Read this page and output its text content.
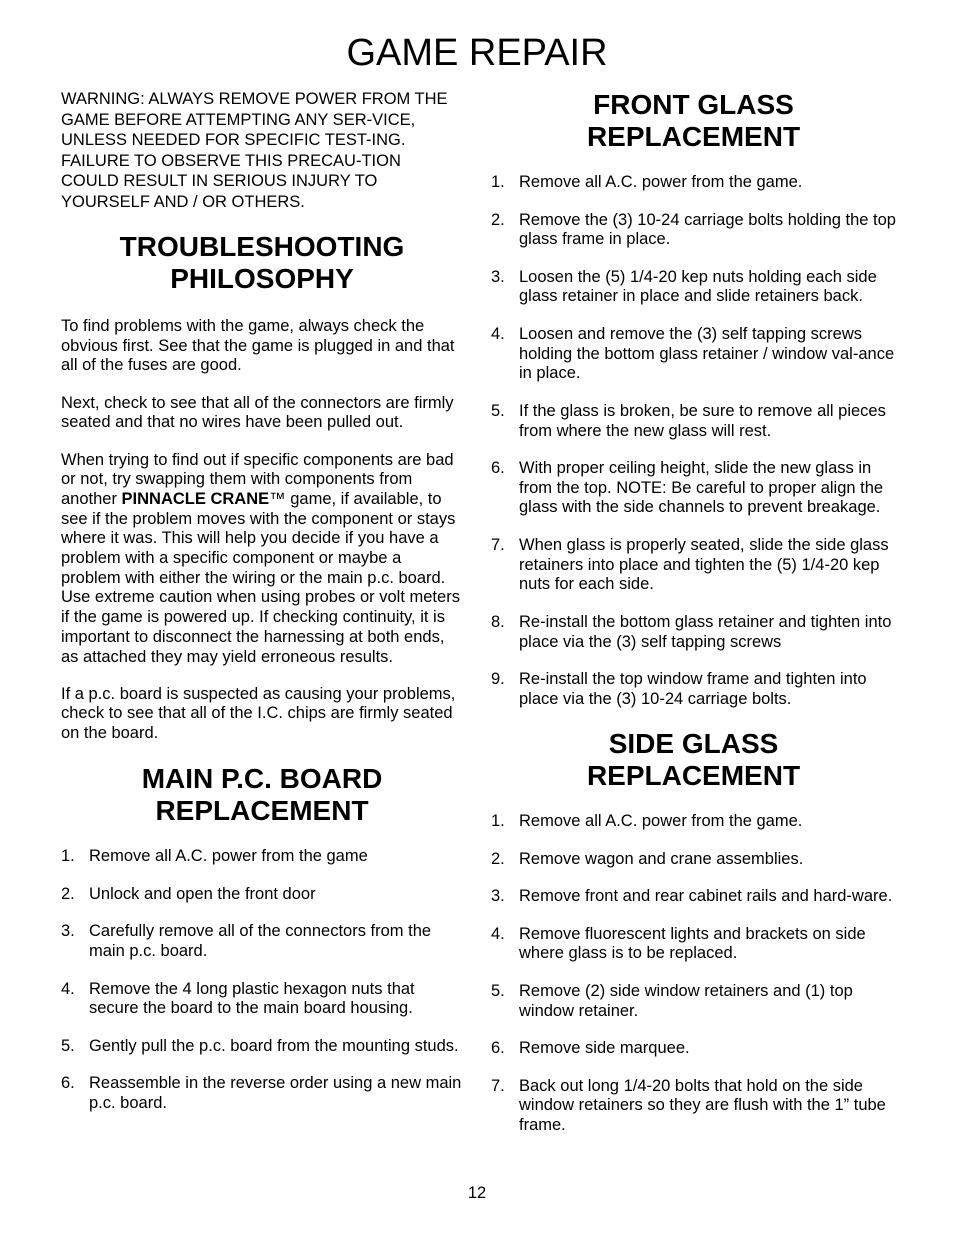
GAME REPAIR

WARNING: ALWAYS REMOVE POWER FROM THE GAME BEFORE ATTEMPTING ANY SER-VICE, UNLESS NEEDED FOR SPECIFIC TEST-ING. FAILURE TO OBSERVE THIS PRECAU-TION COULD RESULT IN SERIOUS INJURY TO YOURSELF AND / OR OTHERS.

TROUBLESHOOTING
PHILOSOPHY

To find problems with the game, always check the obvious first. See that the game is plugged in and that all of the fuses are good.

Next, check to see that all of the connectors are firmly seated and that no wires have been pulled out.

When trying to find out if specific components are bad or not, try swapping them with components from another PINNACLE CRANE™ game, if available, to see if the problem moves with the component or stays where it was. This will help you decide if you have a problem with a specific component or maybe a problem with either the wiring or the main p.c. board. Use extreme caution when using probes or volt meters if the game is powered up. If checking continuity, it is important to disconnect the harnessing at both ends, as attached they may yield erroneous results.

If a p.c. board is suspected as causing your problems, check to see that all of the I.C. chips are firmly seated on the board.

MAIN P.C. BOARD
REPLACEMENT
1. Remove all A.C. power from the game
2. Unlock and open the front door
3. Carefully remove all of the connectors from the main p.c. board.
4. Remove the 4 long plastic hexagon nuts that secure the board to the main board housing.
5. Gently pull the p.c. board from the mounting studs.
6. Reassemble in the reverse order using a new main p.c. board.
FRONT GLASS
REPLACEMENT
1. Remove all A.C. power from the game.
2. Remove the (3) 10-24 carriage bolts holding the top glass frame in place.
3. Loosen the (5) 1/4-20 kep nuts holding each side glass retainer in place and slide retainers back.
4. Loosen and remove the (3) self tapping screws holding the bottom glass retainer / window val-ance in place.
5. If the glass is broken, be sure to remove all pieces from where the new glass will rest.
6. With proper ceiling height, slide the new glass in from the top. NOTE: Be careful to proper align the glass with the side channels to prevent breakage.
7. When glass is properly seated, slide the side glass retainers into place and tighten the (5) 1/4-20 kep nuts for each side.
8. Re-install the bottom glass retainer and tighten into place via the (3) self tapping screws
9. Re-install the top window frame and tighten into place via the (3) 10-24 carriage bolts.
SIDE GLASS
REPLACEMENT
1. Remove all A.C. power from the game.
2. Remove wagon and crane assemblies.
3. Remove front and rear cabinet rails and hard-ware.
4. Remove fluorescent lights and brackets on side where glass is to be replaced.
5. Remove (2) side window retainers and (1) top window retainer.
6. Remove side marquee.
7. Back out long 1/4-20 bolts that hold on the side window retainers so they are flush with the 1” tube frame.
12
